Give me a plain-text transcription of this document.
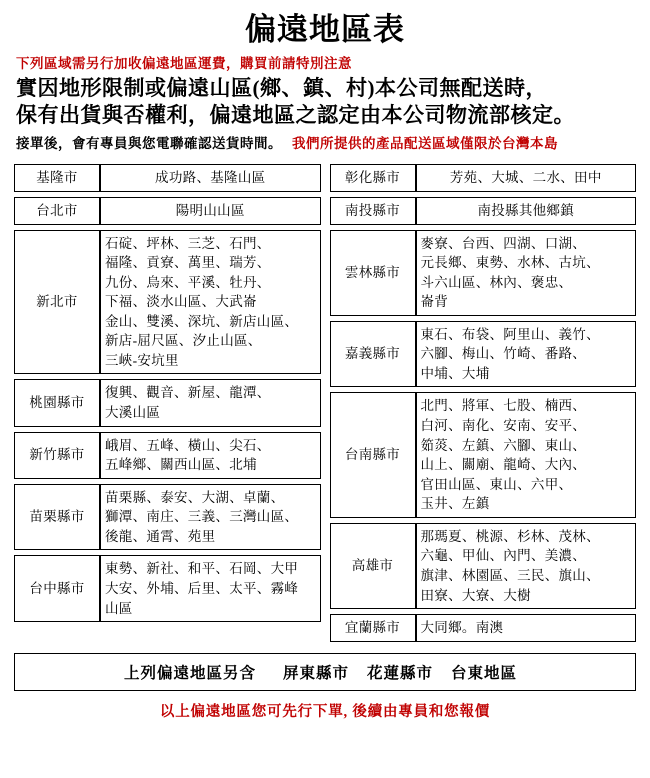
偏遠地區表
下列區域需另行加收偏遠地區運費，購買前請特別注意
實因地形限制或偏遠山區(鄉、鎮、村)本公司無配送時，
保有出貨與否權利，偏遠地區之認定由本公司物流部核定。
接單後，會有專員與您電聯確認送貨時間。 我們所提供的產品配送區域僅限於台灣本島
基隆市	成功路、基隆山區
台北市	陽明山山區
新北市	石碇、坪林、三芝、石門、
福隆、貢寮、萬里、瑞芳、
九份、烏來、平溪、牡丹、
下福、淡水山區、大武崙
金山、雙溪、深坑、新店山區、
新店-屈尺區、汐止山區、
三峽-安坑里
桃園縣市	復興、觀音、新屋、龍潭、
大溪山區
新竹縣市	峨眉、五峰、橫山、尖石、
五峰鄉、關西山區、北埔
苗栗縣市	苗栗縣、泰安、大湖、卓蘭、
獅潭、南庄、三義、三灣山區、
後龍、通霄、苑里
台中縣市	東勢、新社、和平、石岡、大甲
大安、外埔、后里、太平、霧峰
山區
彰化縣市	芳苑、大城、二水、田中
南投縣市	南投縣其他鄉鎮
雲林縣市	麥寮、台西、四湖、口湖、
元長鄉、東勢、水林、古坑、
斗六山區、林內、褒忠、
崙背
嘉義縣市	東石、布袋、阿里山、義竹、
六腳、梅山、竹崎、番路、
中埔、大埔
台南縣市	北門、將軍、七股、楠西、
白河、南化、安南、安平、
筎菼、左鎮、六腳、東山、
山上、關廟、龍崎、大內、
官田山區、東山、六甲、
玉井、左鎮
高雄市	那瑪夏、桃源、杉林、茂林、
六龜、甲仙、內門、美濃、
旗津、林園區、三民、旗山、
田寮、大寮、大樹
宜蘭縣市	大同鄉。南澳
上列偏遠地區另含 屏東縣市 花蓮縣市 台東地區
以上偏遠地區您可先行下單, 後續由專員和您報價
